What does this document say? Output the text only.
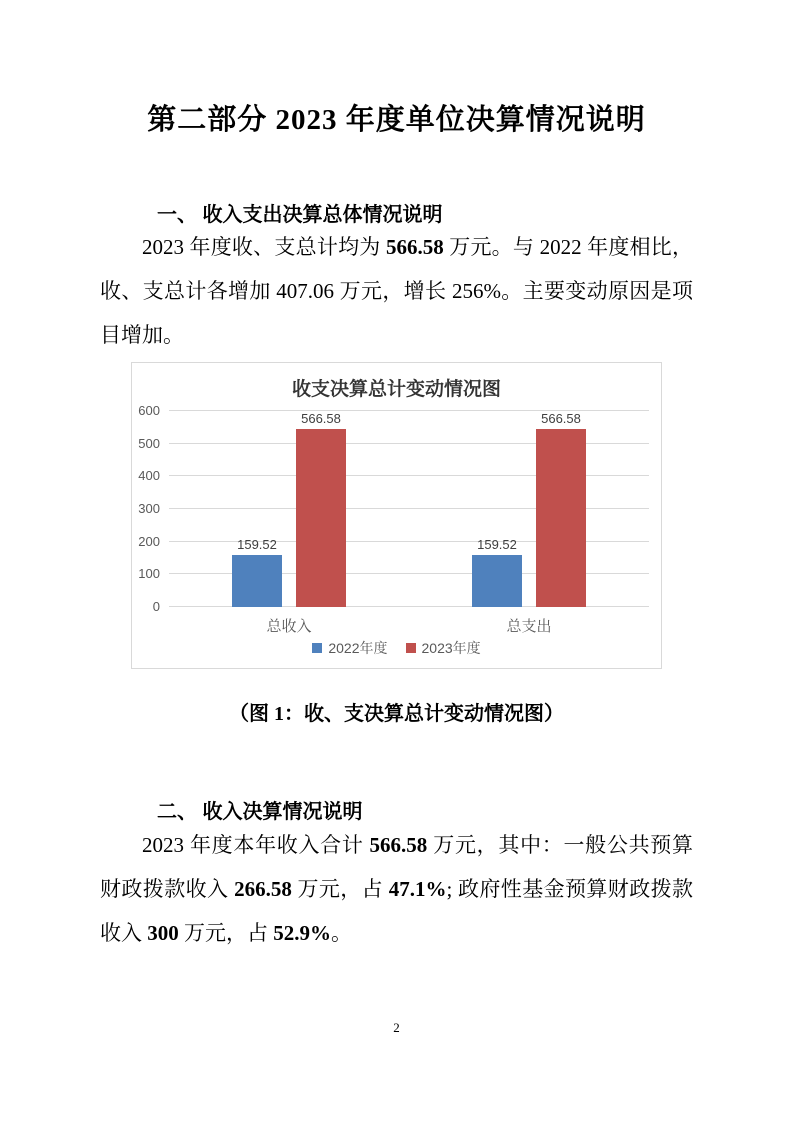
第二部分 2023 年度单位决算情况说明
一、 收入支出决算总体情况说明

2023 年度收、支总计均为 566.58 万元。与 2022 年度相比，收、支总计各增加 407.06 万元，增长 256%。主要变动原因是项目增加。

收支决算总计变动情况图
0
100
200
300
400
500
600
159.52
566.58
总收入
159.52
566.58
总支出
2022年度 2023年度
（图 1：收、支决算总计变动情况图）
二、 收入决算情况说明

2023 年度本年收入合计 566.58 万元，其中：一般公共预算财政拨款收入 266.58 万元，占 47.1%; 政府性基金预算财政拨款收入 300 万元，占 52.9%。

2
